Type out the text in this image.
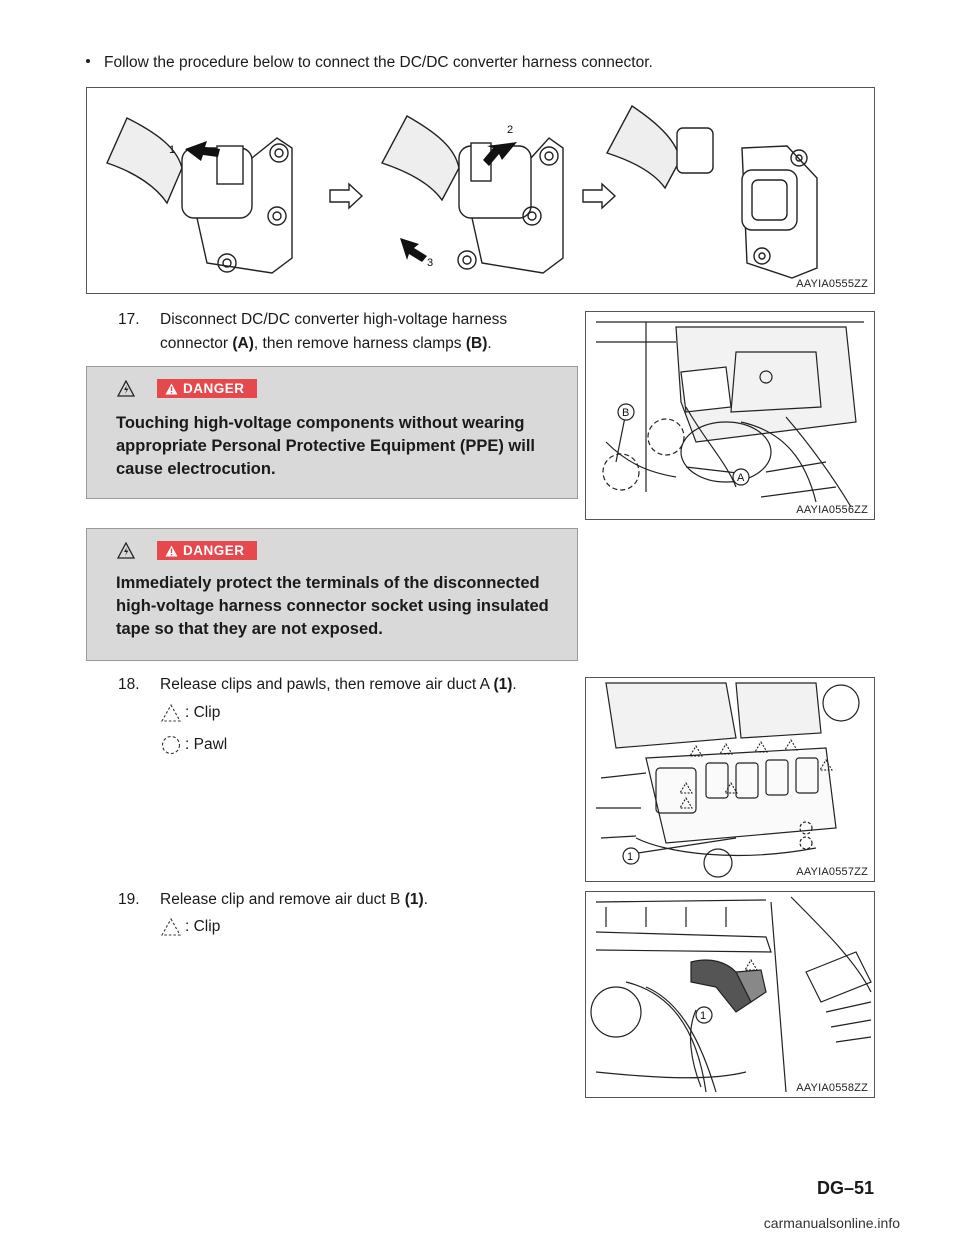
Follow the procedure below to connect the DC/DC converter harness connector.
1
2
3
AAYIA0555ZZ
17. Disconnect DC/DC converter high-voltage harness
connector (A), then remove harness clamps (B).
B
A
AAYIA0556ZZ
DANGER
Touching high-voltage components without wearing
appropriate Personal Protective Equipment (PPE) will
cause electrocution.
DANGER
Immediately protect the terminals of the disconnected
high-voltage harness connector socket using insulated
tape so that they are not exposed.
18.	Release clips and pawls, then remove air duct A (1).
: Clip
: Pawl
1
AAYIA0557ZZ
19.	Release clip and remove air duct B (1).
: Clip
1
AAYIA0558ZZ
DG–51
carmanualsonline.info
